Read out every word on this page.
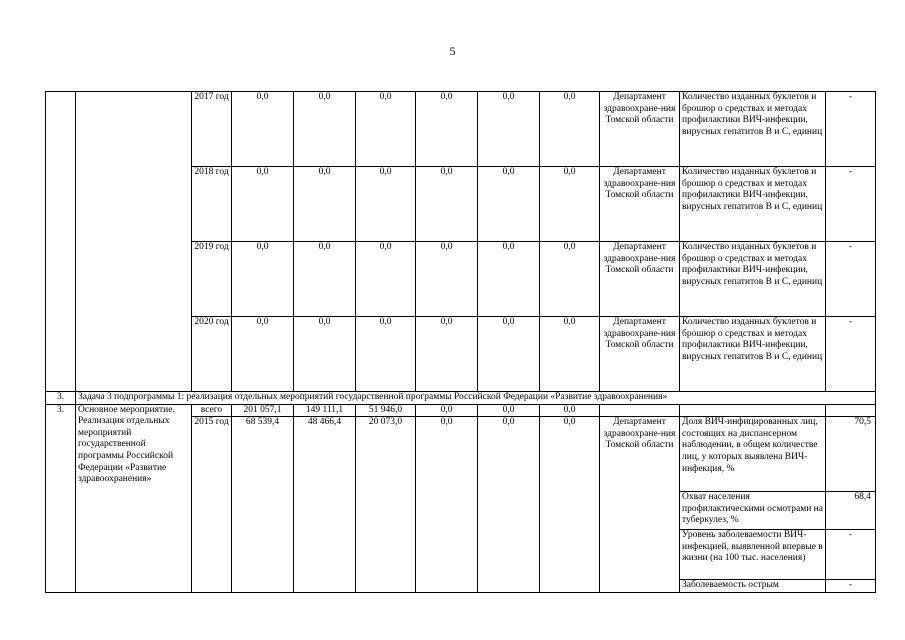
5
		2017 год	0,0	0,0	0,0	0,0	0,0	0,0	Департамент здравоохране-ния Томской области	Количество изданных буклетов и брошюр о средствах и методах профилактики ВИЧ-инфекции, вирусных гепатитов В и С, единиц	-
		2018 год	0,0	0,0	0,0	0,0	0,0	0,0	Департамент здравоохране-ния Томской области	Количество изданных буклетов и брошюр о средствах и методах профилактики ВИЧ-инфекции, вирусных гепатитов В и С, единиц	-
		2019 год	0,0	0,0	0,0	0,0	0,0	0,0	Департамент здравоохране-ния Томской области	Количество изданных буклетов и брошюр о средствах и методах профилактики ВИЧ-инфекции, вирусных гепатитов В и С, единиц	-
		2020 год	0,0	0,0	0,0	0,0	0,0	0,0	Департамент здравоохране-ния Томской области	Количество изданных буклетов и брошюр о средствах и методах профилактики ВИЧ-инфекции, вирусных гепатитов В и С, единиц	-
3.	Задача 3 подпрограммы 1: реализация отдельных мероприятий государственной программы Российской Федерации «Развитие здравоохранения»										
3.	Основное мероприятие. Реализация отдельных мероприятий государственной программы Российской Федерации «Развитие здравоохранения»	всего	201 057,1	149 111,1	51 946,0	0,0	0,0	0,0			
		2015 год	68 539,4	48 466,4	20 073,0	0,0	0,0	0,0	Департамент здравоохране-ния Томской области	Доля ВИЧ-инфицированных лиц, состоящих на диспансерном наблюдении, в общем количестве лиц, у которых выявлена ВИЧ-инфекция, %	70,5
										Охват населения профилактическими осмотрами на туберкулез, %	68,4
										Уровень заболеваемости ВИЧ-инфекцией, выявленной впервые в жизни (на 100 тыс. населения)	-
										Заболеваемость острым	-
